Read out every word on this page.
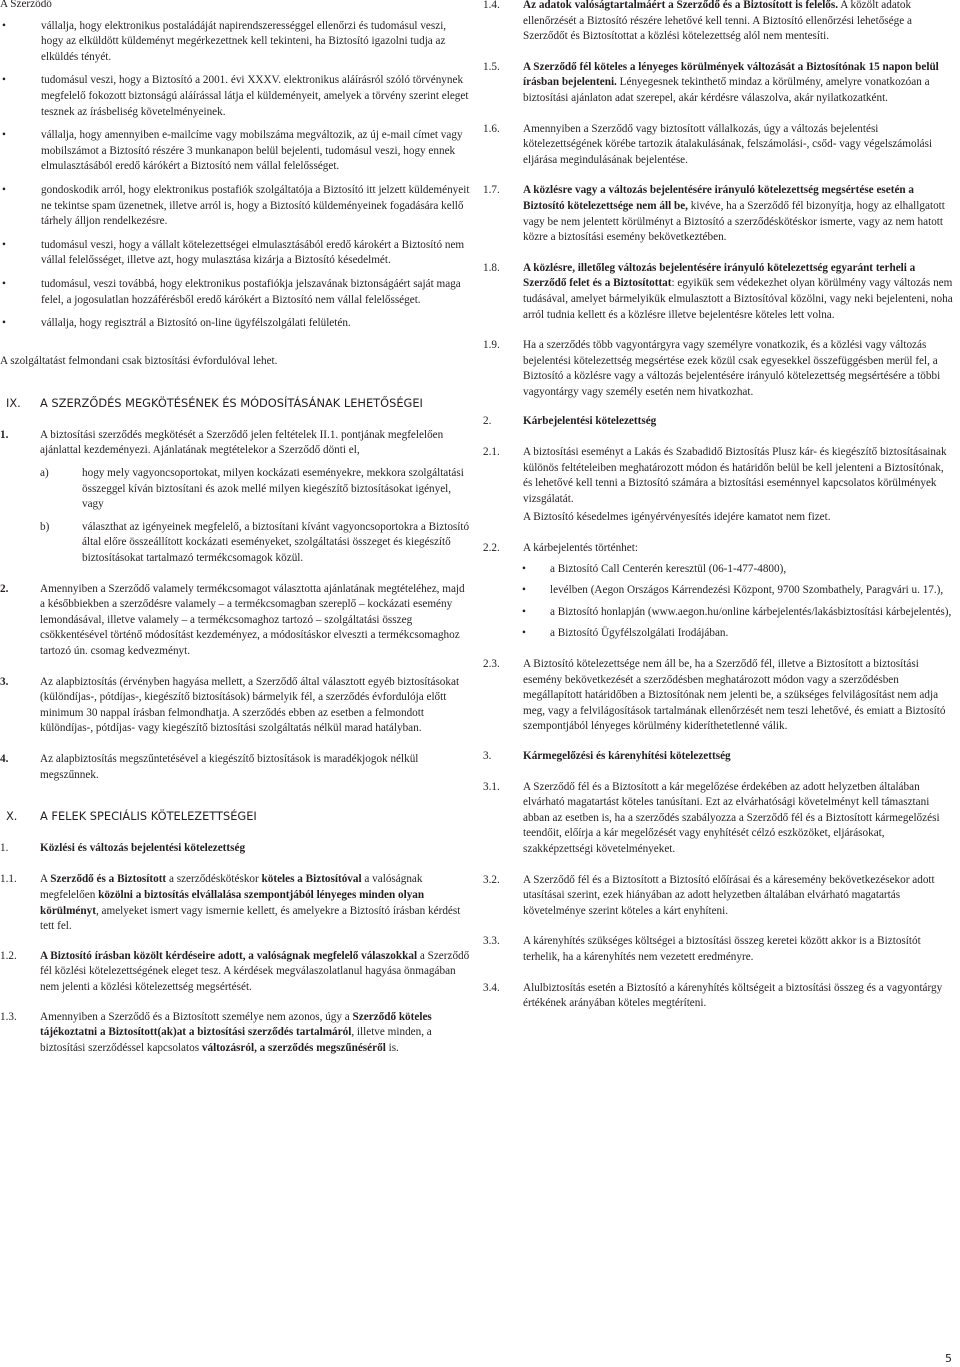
A Szerződő

•	vállalja, hogy elektronikus postaládáját napirendszerességgel ellenőrzi és tudomásul veszi, hogy az elküldött küldeményt megérkezettnek kell tekinteni, ha Biztosító igazolni tudja az elküldés tényét.

•	tudomásul veszi, hogy a Biztosító a 2001. évi XXXV. elektronikus aláírásról szóló törvénynek megfelelő fokozott biztonságú aláírással látja el küldeményeit, amelyek a törvény szerint eleget tesznek az írásbeliség követelményeinek.

•	vállalja, hogy amennyiben e-mailcíme vagy mobilszáma megváltozik, az új e-mail címet vagy mobilszámot a Biztosító részére 3 munkanapon belül bejelenti, tudomásul veszi, hogy ennek elmulasztásából eredő kárókért a Biztosító nem vállal felelősséget.

•	gondoskodik arról, hogy elektronikus postafiók szolgáltatója a Biztosító itt jelzett küldeményeit ne tekintse spam üzenetnek, illetve arról is, hogy a Biztosító küldeményeinek fogadására kellő tárhely álljon rendelkezésre.

•	tudomásul veszi, hogy a vállalt kötelezettségei elmulasztásából eredő károkért a Biztosító nem vállal felelősséget, illetve azt, hogy mulasztása kizárja a Biztosító késedelmét.

•	tudomásul, veszi továbbá, hogy elektronikus postafiókja jelszavának biztonságáért saját maga felel, a jogosulatlan hozzáférésből eredő kárókért a Biztosító nem vállal felelősséget.

•	vállalja, hogy regisztrál a Biztosító on-line ügyfélszolgálati felületén.

A szolgáltatást felmondani csak biztosítási évfordulóval lehet.

IX. A SZERZŐDÉS MEGKÖTÉSÉNEK ÉS MÓDOSÍTÁSÁNAK LEHETŐSÉGEI
1.	A biztosítási szerződés megkötését a Szerződő jelen feltételek II.1. pontjának megfelelően ajánlattal kezdeményezi. Ajánlatának megtételekor a Szerződő dönti el,

a)	hogy mely vagyoncsoportokat, milyen kockázati eseményekre, mekkora szolgáltatási összeggel kíván biztosítani és azok mellé milyen kiegészítő biztosításokat igényel, vagy

b)	választhat az igényeinek megfelelő, a biztosítani kívánt vagyoncsoportokra a Biztosító által előre összeállított kockázati eseményeket, szolgáltatási összeget és kiegészítő biztosításokat tartalmazó termékcsomagok közül.

2.	Amennyiben a Szerződő valamely termékcsomagot választotta ajánlatának megtételéhez, majd a későbbiekben a szerződésre valamely – a termékcsomagban szereplő – kockázati esemény lemondásával, illetve valamely – a termékcsomaghoz tartozó – szolgáltatási összeg csökkentésével történő módosítást kezdeményez, a módosításkor elveszti a termékcsomaghoz tartozó ún. csomag kedvezményt.

3.	Az alapbiztosítás (érvényben hagyása mellett, a Szerződő által választott egyéb biztosításokat (különdíjas-, pótdíjas-, kiegészítő biztosítások) bármelyik fél, a szerződés évfordulója előtt minimum 30 nappal írásban felmondhatja. A szerződés ebben az esetben a felmondott különdíjas-, pótdíjas- vagy kiegészítő biztosítási szolgáltatás nélkül marad hatályban.

4.	Az alapbiztosítás megszűntetésével a kiegészítő biztosítások is maradékjogok nélkül megszűnnek.

X. A FELEK SPECIÁLIS KÖTELEZETTSÉGEI
1.	Közlési és változás bejelentési kötelezettség

1.1. A Szerződő és a Biztosított a szerződéskötéskor köteles a Biztosítóval a valóságnak megfelelően közölni a biztosítás elvállalása szempontjából lényeges minden olyan körülményt, amelyeket ismert vagy ismernie kellett, és amelyekre a Biztosító írásban kérdést tett fel.

1.2. A Biztosító írásban közölt kérdéseire adott, a valóságnak megfelelő válaszokkal a Szerződő fél közlési kötelezettségének eleget tesz. A kérdések megválaszolatlanul hagyása önmagában nem jelenti a közlési kötelezettség megsértését.

1.3. Amennyiben a Szerződő és a Biztosított személye nem azonos, úgy a Szerződő köteles tájékoztatni a Biztosított(ak)at a biztosítási szerződés tartalmáról, illetve minden, a biztosítási szerződéssel kapcsolatos változásról, a szerződés megszűnéséről is.

1.4. Az adatok valóságtartalmáért a Szerződő és a Biztosított is felelős. A közölt adatok ellenőrzését a Biztosító részére lehetővé kell tenni. A Biztosító ellenőrzési lehetősége a Szerződőt és Biztosítottat a közlési kötelezettség alól nem mentesíti.

1.5. A Szerződő fél köteles a lényeges körülmények változását a Biztosítónak 15 napon belül írásban bejelenteni. Lényegesnek tekinthető mindaz a körülmény, amelyre vonatkozóan a biztosítási ajánlaton adat szerepel, akár kérdésre válaszolva, akár nyilatkozatként.

1.6. Amennyiben a Szerződő vagy biztosított vállalkozás, úgy a változás bejelentési kötelezettségének körébe tartozik átalakulásának, felszámolási-, csőd- vagy végelszámolási eljárása megindulásának bejelentése.

1.7. A közlésre vagy a változás bejelentésére irányuló kötelezettség megsértése esetén a Biztosító kötelezettsége nem áll be, kivéve, ha a Szerződő fél bizonyítja, hogy az elhallgatott vagy be nem jelentett körülményt a Biztosító a szerződéskötéskor ismerte, vagy az nem hatott közre a biztosítási esemény bekövetkeztében.

1.8. A közlésre, illetőleg változás bejelentésére irányuló kötelezettség egyaránt terheli a Szerződő felet és a Biztosítottat: egyikük sem védekezhet olyan körülmény vagy változás nem tudásával, amelyet bármelyikük elmulasztott a Biztosítóval közölni, vagy neki bejelenteni, noha arról tudnia kellett és a közlésre illetve bejelentésre köteles lett volna.

1.9. Ha a szerződés több vagyontárgyra vagy személyre vonatkozik, és a közlési vagy változás bejelentési kötelezettség megsértése ezek közül csak egyesekkel összefüggésben merül fel, a Biztosító a közlésre vagy a változás bejelentésére irányuló kötelezettség megsértésére a többi vagyontárgy vagy személy esetén nem hivatkozhat.

2.	Kárbejelentési kötelezettség

2.1. A biztosítási eseményt a Lakás és Szabadidő Biztosítás Plusz kár- és kiegészítő biztosításainak különös feltételeiben meghatározott módon és határidőn belül be kell jelenteni a Biztosítónak, és lehetővé kell tenni a Biztosító számára a biztosítási eseménnyel kapcsolatos körülmények vizsgálatát.

A Biztosító késedelmes igényérvényesítés idejére kamatot nem fizet.

2.2. A kárbejelentés történhet:

• a Biztosító Call Centerén keresztül (06-1-477-4800),

• levélben (Aegon Országos Kárrendezési Központ, 9700 Szombathely, Paragvári u. 17.),

• a Biztosító honlapján (www.aegon.hu/online kárbejelentés/lakásbiztosítási kárbejelentés),

• a Biztosító Ügyfélszolgálati Irodájában.

2.3. A Biztosító kötelezettsége nem áll be, ha a Szerződő fél, illetve a Biztosított a biztosítási esemény bekövetkezését a szerződésben meghatározott módon vagy a szerződésben megállapított határidőben a Biztosítónak nem jelenti be, a szükséges felvilágosítást nem adja meg, vagy a felvilágosítások tartalmának ellenőrzését nem teszi lehetővé, és emiatt a Biztosító szempontjából lényeges körülmény kideríthetetlenné válik.

3.	Kármegelőzési és kárenyhítési kötelezettség

3.1. A Szerződő fél és a Biztosított a kár megelőzése érdekében az adott helyzetben általában elvárható magatartást köteles tanúsítani. Ezt az elvárhatósági követelményt kell támasztani abban az esetben is, ha a szerződés szabályozza a Szerződő fél és a Biztosított kármegelőzési teendőit, előírja a kár megelőzését vagy enyhítését célzó eszközöket, eljárásokat, szakképzettségi követelményeket.

3.2. A Szerződő fél és a Biztosított a Biztosító előírásai és a káresemény bekövetkezésekor adott utasításai szerint, ezek hiányában az adott helyzetben általában elvárható magatartás követelménye szerint köteles a kárt enyhíteni.

3.3. A kárenyhítés szükséges költségei a biztosítási összeg keretei között akkor is a Biztosítót terhelik, ha a kárenyhítés nem vezetett eredményre.

3.4. Alulbiztosítás esetén a Biztosító a kárenyhítés költségeit a biztosítási összeg és a vagyontárgy értékének arányában köteles megtéríteni.

5
